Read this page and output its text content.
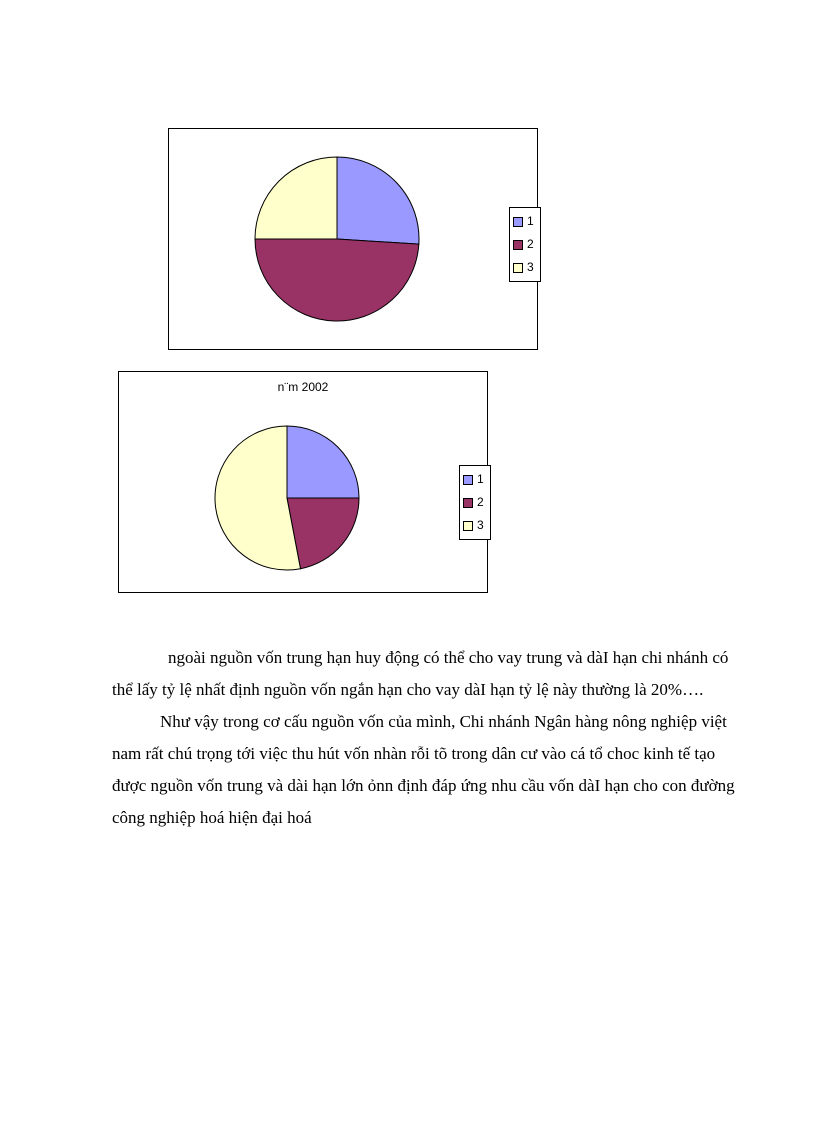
1
2
3
n¨m 2002
1
2
3

ngoài nguồn vốn trung hạn huy động có thể cho vay trung và dàI hạn chi nhánh có thể lấy tỷ lệ nhất định nguồn vốn ngắn hạn cho vay dàI hạn tỷ lệ này thường là 20%….

Như vậy trong cơ cấu nguồn vốn của mình, Chi nhánh Ngân hàng nông nghiệp việt nam rất chú trọng tới việc thu hút vốn nhàn rỗi tõ trong dân cư vào cá tổ choc kinh tế tạo được nguồn vốn trung và dài hạn lớn ỏnn định đáp ứng nhu cầu vốn dàI hạn cho con đường công nghiệp hoá hiện đại hoá
